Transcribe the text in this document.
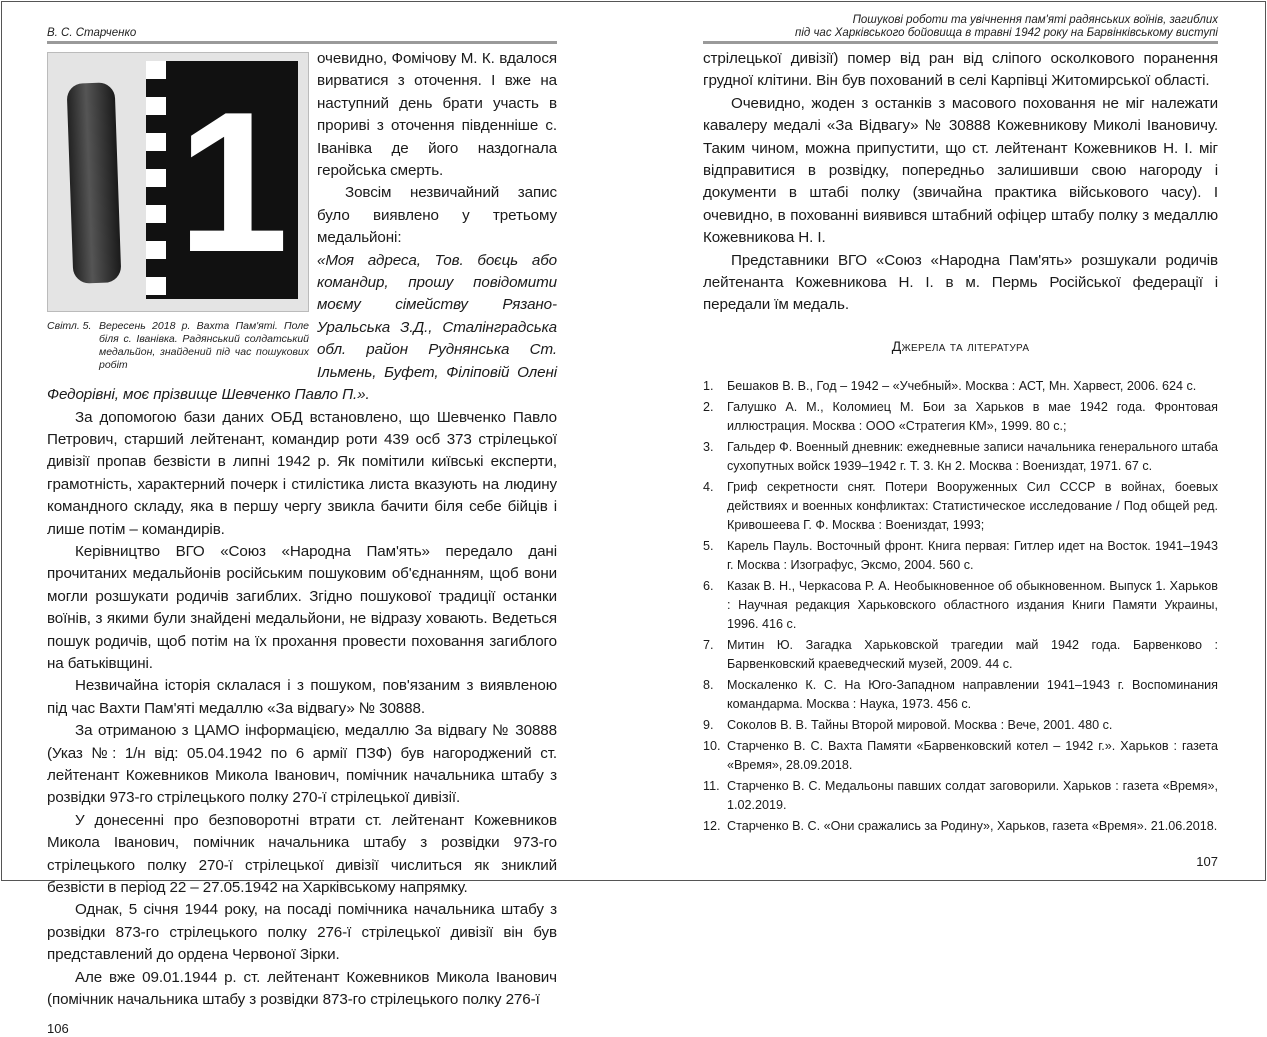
В. С. Старченко
1
Світл. 5. Вересень 2018 р. Вахта Пам'яті. Поле біля с. Іванівка. Радянський солдатський медальйон, знайдений під час пошукових робіт

очевидно, Фомічову М. К. вдалося вирватися з оточення. І вже на наступний день брати участь в прориві з оточення південніше с. Іванівка де його наздогнала геройська смерть.

Зовсім незвичайний запис було виявлено у третьому медальйоні:

«Моя адреса, Тов. боєць або командир, прошу повідомити моєму сімейству Рязано-Уральська З.Д., Сталінградська обл. район Руднянська Ст. Ільмень, Буфет, Філіповій Олені Федорівні, моє прізвище Шевченко Павло П.».

За допомогою бази даних ОБД встановлено, що Шевченко Павло Петрович, старший лейтенант, командир роти 439 осб 373 стрілецької дивізії пропав безвісти в липні 1942 р. Як помітили київські експерти, грамотність, характерний почерк і стилістика листа вказують на людину командного складу, яка в першу чергу звикла бачити біля себе бійців і лише потім – командирів.

Керівництво ВГО «Союз «Народна Пам'ять» передало дані прочитаних медальйонів російським пошуковим об'єднанням, щоб вони могли розшукати родичів загиблих. Згідно пошукової традиції останки воїнів, з якими були знайдені медальйони, не відразу ховають. Ведеться пошук родичів, щоб потім на їх прохання провести поховання загиблого на батьківщині.

Незвичайна історія склалася і з пошуком, пов'язаним з виявленою під час Вахти Пам'яті медаллю «За відвагу» № 30888.

За отриманою з ЦАМО інформацією, медаллю За відвагу № 30888 (Указ №: 1/н від: 05.04.1942 по 6 армії ПЗФ) був нагороджений ст. лейтенант Кожевников Микола Іванович, помічник начальника штабу з розвідки 973-го стрілецького полку 270-ї стрілецької дивізії.

У донесенні про безповоротні втрати ст. лейтенант Кожевников Микола Іванович, помічник начальника штабу з розвідки 973-го стрілецького полку 270-ї стрілецької дивізії числиться як зниклий безвісти в період 22 – 27.05.1942 на Харківському напрямку.

Однак, 5 січня 1944 року, на посаді помічника начальника штабу з розвідки 873-го стрілецького полку 276-ї стрілецької дивізії він був представлений до ордена Червоної Зірки.

Але вже 09.01.1944 р. ст. лейтенант Кожевников Микола Іванович (помічник начальника штабу з розвідки 873-го стрілецького полку 276-ї

106
Пошукові роботи та увічнення пам'яті радянських воїнів, загиблих
під час Харківського бойовища в травні 1942 року на Барвінківському виступі

стрілецької дивізії) помер від ран від сліпого осколкового поранення грудної клітини. Він був похований в селі Карпівці Житомирської області.

Очевидно, жоден з останків з масового поховання не міг належати кавалеру медалі «За Відвагу» № 30888 Кожевникову Миколі Івановичу. Таким чином, можна припустити, що ст. лейтенант Кожевников Н. І. міг відправитися в розвідку, попередньо залишивши свою нагороду і документи в штабі полку (звичайна практика військового часу). І очевидно, в похованні виявився штабний офіцер штабу полку з медаллю Кожевникова Н. І.

Представники ВГО «Союз «Народна Пам'ять» розшукали родичів лейтенанта Кожевникова Н. І. в м. Пермь Російської федерації і передали їм медаль.

Джерела та література
1.	Бешаков В. В., Год – 1942 – «Учебный». Москва : АСТ, Мн. Харвест, 2006. 624 с.
2.	Галушко А. М., Коломиец М. Бои за Харьков в мае 1942 года. Фронтовая иллюстрация. Москва : ООО «Стратегия КМ», 1999. 80 с.;
3.	Гальдер Ф. Военный дневник: ежедневные записи начальника генерального штаба сухопутных войск 1939–1942 г. Т. 3. Кн 2. Москва : Воениздат, 1971. 67 с.
4.	Гриф секретности снят. Потери Вооруженных Сил СССР в войнах, боевых действиях и военных конфликтах: Статистическое исследование / Под общей ред. Кривошеева Г. Ф. Москва : Воениздат, 1993;
5.	Карель Пауль. Восточный фронт. Книга первая: Гитлер идет на Восток. 1941–1943 г. Москва : Изографус, Эксмо, 2004. 560 с.
6.	Казак В. Н., Черкасова Р. А. Необыкновенное об обыкновенном. Выпуск 1. Харьков : Научная редакция Харьковского областного издания Книги Памяти Украины, 1996. 416 с.
7.	Митин Ю. Загадка Харьковской трагедии май 1942 года. Барвенково : Барвенковский краеведческий музей, 2009. 44 с.
8.	Москаленко К. С. На Юго-Западном направлении 1941–1943 г. Воспоминания командарма. Москва : Наука, 1973. 456 с.
9.	Соколов В. В. Тайны Второй мировой. Москва : Вече, 2001. 480 с.
10. Старченко В. С. Вахта Памяти «Барвенковский котел – 1942 г.». Харьков : газета «Время», 28.09.2018.
11. Старченко В. С. Медальоны павших солдат заговорили. Харьков : газета «Время», 1.02.2019.
12. Старченко В. С. «Они сражались за Родину», Харьков, газета «Время». 21.06.2018.
107
